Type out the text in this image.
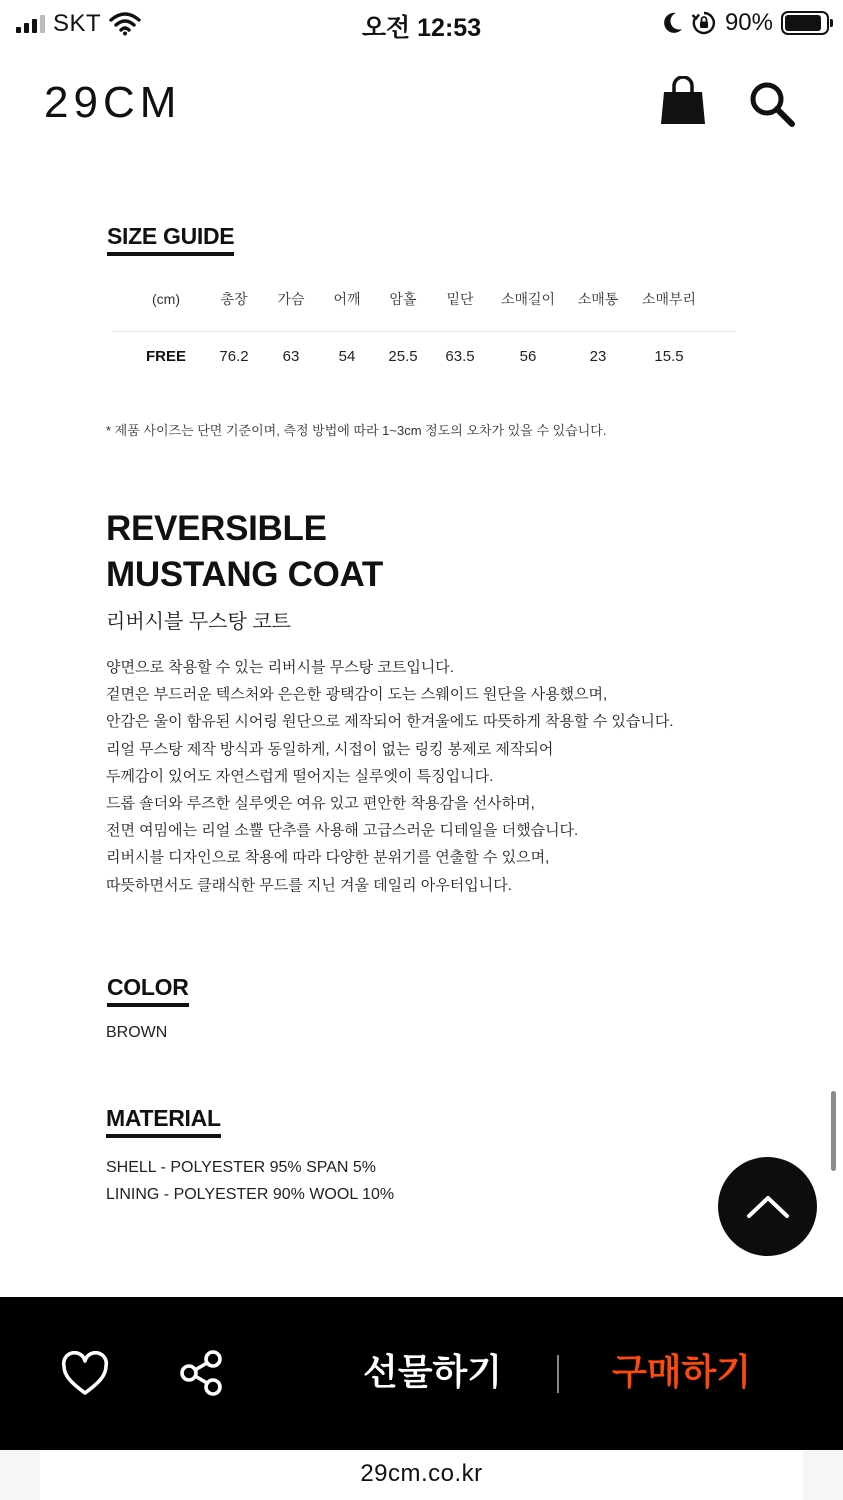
SKT	오전 12:53	90%
29CM
SIZE GUIDE
(cm)	총장	가슴	어깨	암홀	밑단	소매길이	소매통	소매부리
FREE	76.2	63	54	25.5	63.5	56	23	15.5
* 제품 사이즈는 단면 기준이며, 측정 방법에 따라 1~3cm 정도의 오차가 있을 수 있습니다.
REVERSIBLE
MUSTANG COAT
리버시블 무스탕 코트

양면으로 착용할 수 있는 리버시블 무스탕 코트입니다.

겉면은 부드러운 텍스처와 은은한 광택감이 도는 스웨이드 원단을 사용했으며,

안감은 울이 함유된 시어링 원단으로 제작되어 한겨울에도 따뜻하게 착용할 수 있습니다.

리얼 무스탕 제작 방식과 동일하게, 시접이 없는 링킹 봉제로 제작되어

두께감이 있어도 자연스럽게 떨어지는 실루엣이 특징입니다.

드롭 숄더와 루즈한 실루엣은 여유 있고 편안한 착용감을 선사하며,

전면 여밈에는 리얼 소뿔 단추를 사용해 고급스러운 디테일을 더했습니다.

리버시블 디자인으로 착용에 따라 다양한 분위기를 연출할 수 있으며,

따뜻하면서도 클래식한 무드를 지닌 겨울 데일리 아우터입니다.

COLOR
BROWN
MATERIAL

SHELL - POLYESTER 95% SPAN 5%

LINING - POLYESTER 90% WOOL 10%

선물하기	구매하기
29cm.co.kr
